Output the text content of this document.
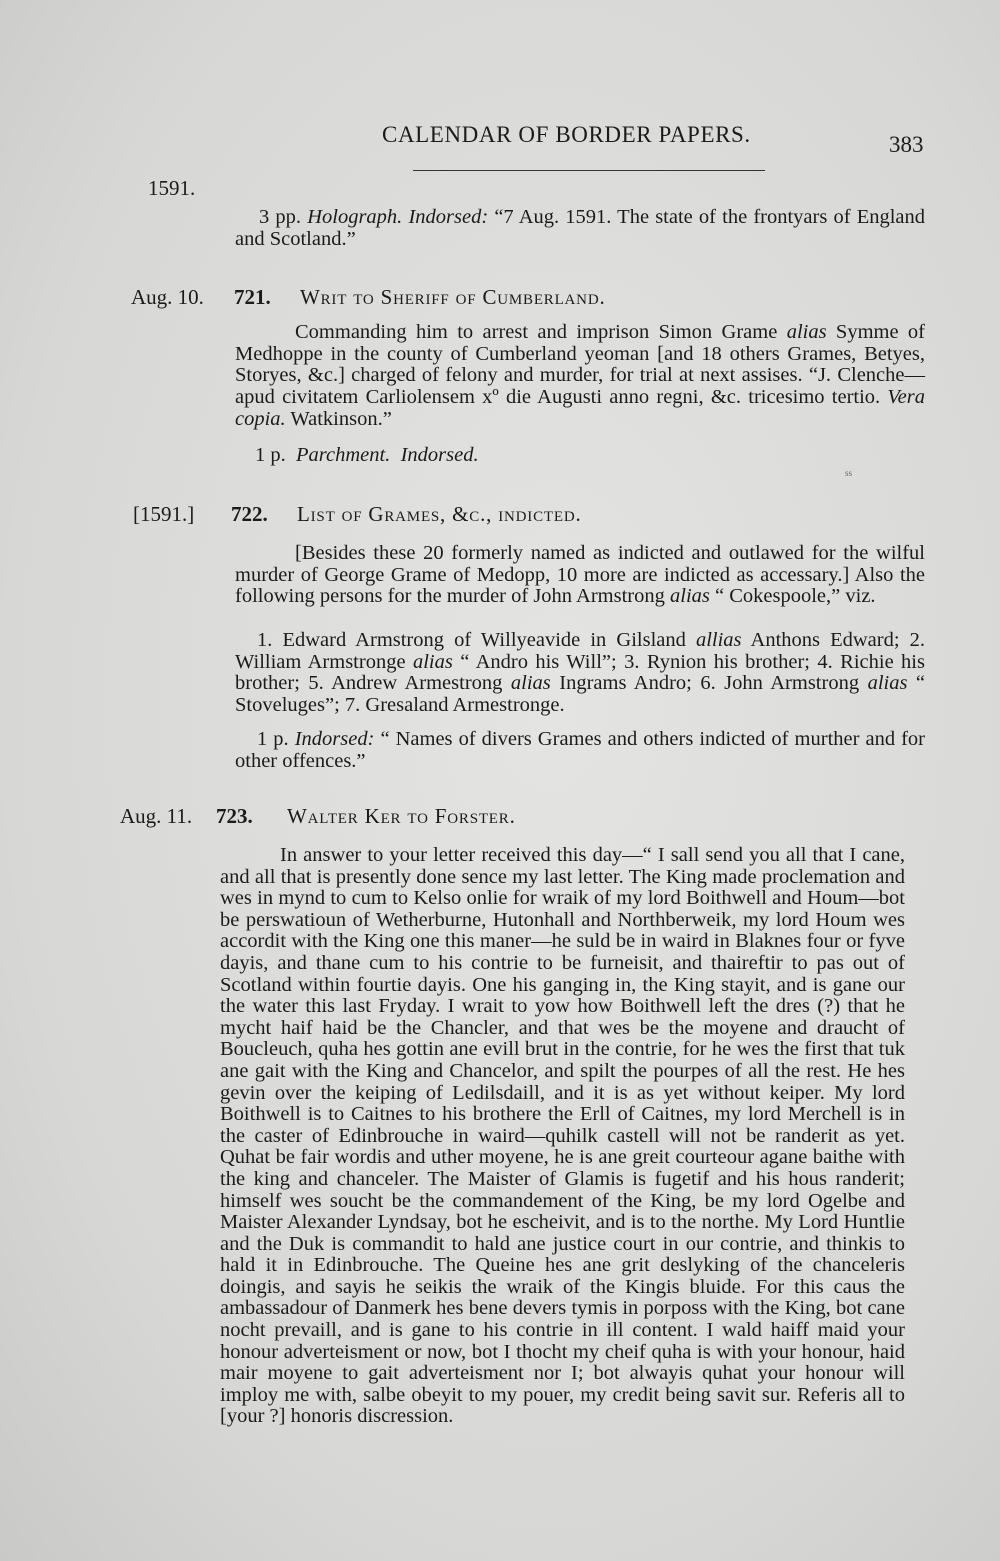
CALENDAR OF BORDER PAPERS.	383
1591.
3 pp. Holograph. Indorsed: “7 Aug. 1591. The state of the frontyars of England and Scotland.”
Aug. 10. 721. Writ to Sheriff of Cumberland.
Commanding him to arrest and imprison Simon Grame alias Symme of Medhoppe in the county of Cumberland yeoman [and 18 others Grames, Betyes, Storyes, &c.] charged of felony and murder, for trial at next assises. “J. Clenche—apud civitatem Carliolensem xº die Augusti anno regni, &c. tricesimo tertio. Vera copia. Watkinson.”
1 p. Parchment. Indorsed.
ss
[1591.] 722. List of Grames, &c., indicted.
[Besides these 20 formerly named as indicted and outlawed for the wilful murder of George Grame of Medopp, 10 more are indicted as accessary.] Also the following persons for the murder of John Armstrong alias “ Cokespoole,” viz.
1. Edward Armstrong of Willyeavide in Gilsland allias Anthons Edward; 2. William Armstronge alias “ Andro his Will”; 3. Rynion his brother; 4. Richie his brother; 5. Andrew Armestrong alias Ingrams Andro; 6. John Armstrong alias “ Stoveluges”; 7. Gresaland Armestronge.
1 p. Indorsed: “ Names of divers Grames and others indicted of murther and for other offences.”
Aug. 11. 723. Walter Ker to Forster.
In answer to your letter received this day—“ I sall send you all that I cane, and all that is presently done sence my last letter. The King made proclemation and wes in mynd to cum to Kelso onlie for wraik of my lord Boithwell and Houm—bot be perswatioun of Wetherburne, Hutonhall and Northberweik, my lord Houm wes accordit with the King one this maner—he suld be in waird in Blaknes four or fyve dayis, and thane cum to his contrie to be furneisit, and thaireftir to pas out of Scotland within fourtie dayis. One his ganging in, the King stayit, and is gane our the water this last Fryday. I wrait to yow how Boithwell left the dres (?) that he mycht haif haid be the Chancler, and that wes be the moyene and draucht of Boucleuch, quha hes gottin ane evill brut in the contrie, for he wes the first that tuk ane gait with the King and Chancelor, and spilt the pourpes of all the rest. He hes gevin over the keiping of Ledilsdaill, and it is as yet without keiper. My lord Boithwell is to Caitnes to his brothere the Erll of Caitnes, my lord Merchell is in the caster of Edinbrouche in waird—quhilk castell will not be randerit as yet. Quhat be fair wordis and uther moyene, he is ane greit courteour agane baithe with the king and chanceler. The Maister of Glamis is fugetif and his hous randerit; himself wes soucht be the commandement of the King, be my lord Ogelbe and Maister Alexander Lyndsay, bot he escheivit, and is to the northe. My Lord Huntlie and the Duk is commandit to hald ane justice court in our contrie, and thinkis to hald it in Edinbrouche. The Queine hes ane grit deslyking of the chanceleris doingis, and sayis he seikis the wraik of the Kingis bluide. For this caus the ambassadour of Danmerk hes bene devers tymis in porposs with the King, bot cane nocht prevaill, and is gane to his contrie in ill content. I wald haiff maid your honour adverteisment or now, bot I thocht my cheif quha is with your honour, haid mair moyene to gait adverteisment nor I; bot alwayis quhat your honour will imploy me with, salbe obeyit to my pouer, my credit being savit sur. Referis all to [your ?] honoris discression.
